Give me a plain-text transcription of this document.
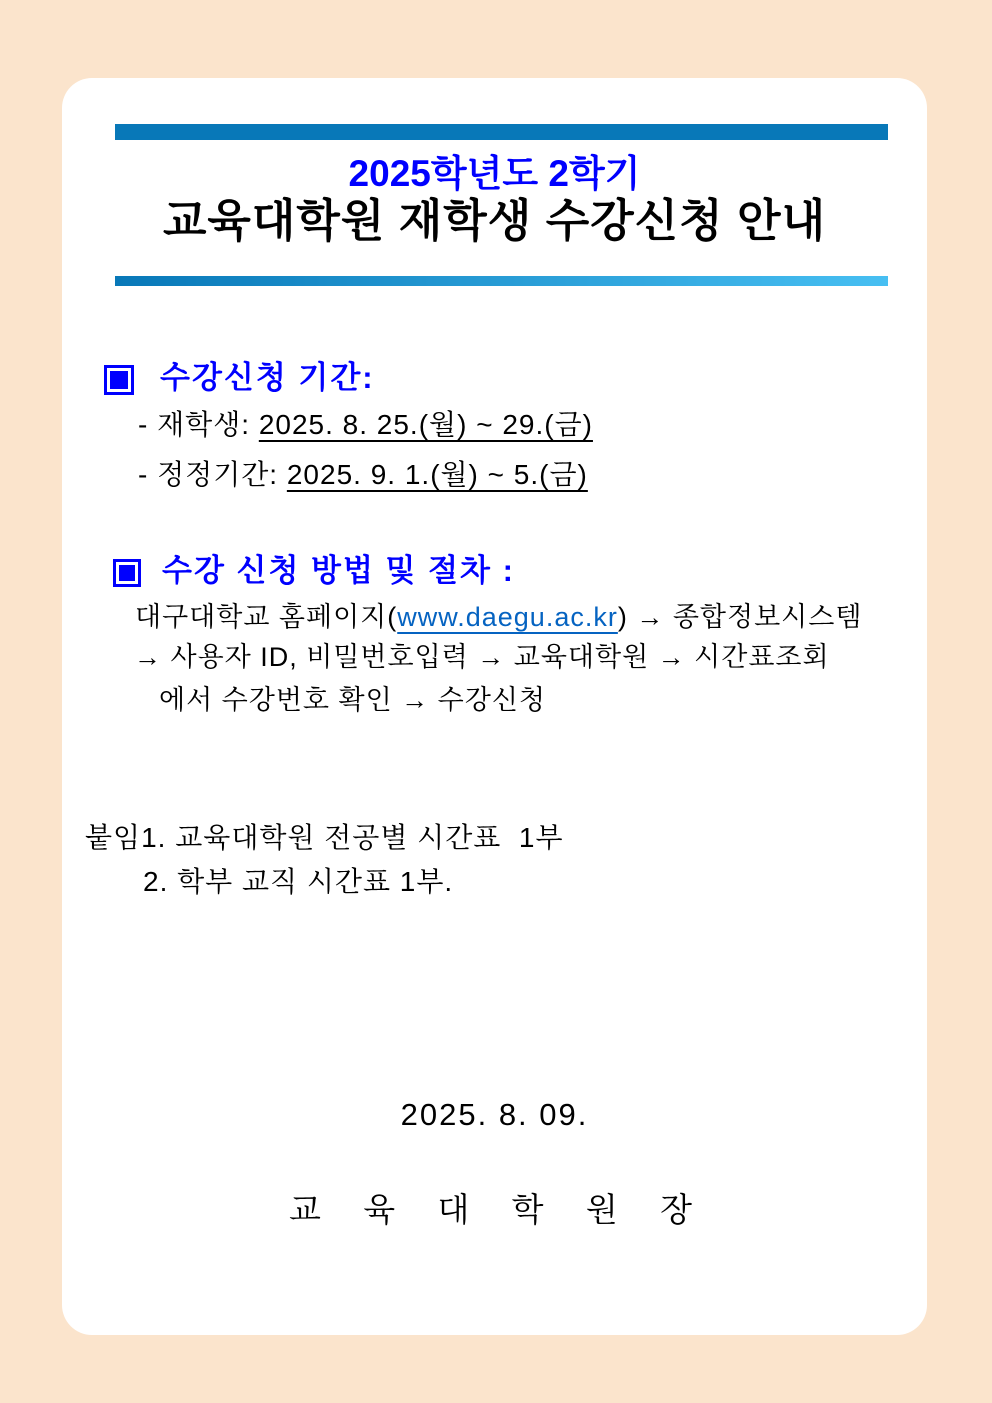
2025학년도 2학기
교육대학원 재학생 수강신청 안내
수강신청 기간:
- 재학생: 2025. 8. 25.(월) ~ 29.(금)
- 정정기간: 2025. 9. 1.(월) ~ 5.(금)
수강 신청 방법 및 절차 :
대구대학교 홈페이지(www.daegu.ac.kr) → 종합정보시스템
→ 사용자 ID, 비밀번호입력 → 교육대학원 → 시간표조회
에서 수강번호 확인 → 수강신청
붙임1. 교육대학원 전공별 시간표  1부
2. 학부 교직 시간표 1부.
2025. 8. 09.
교  육  대  학  원  장
